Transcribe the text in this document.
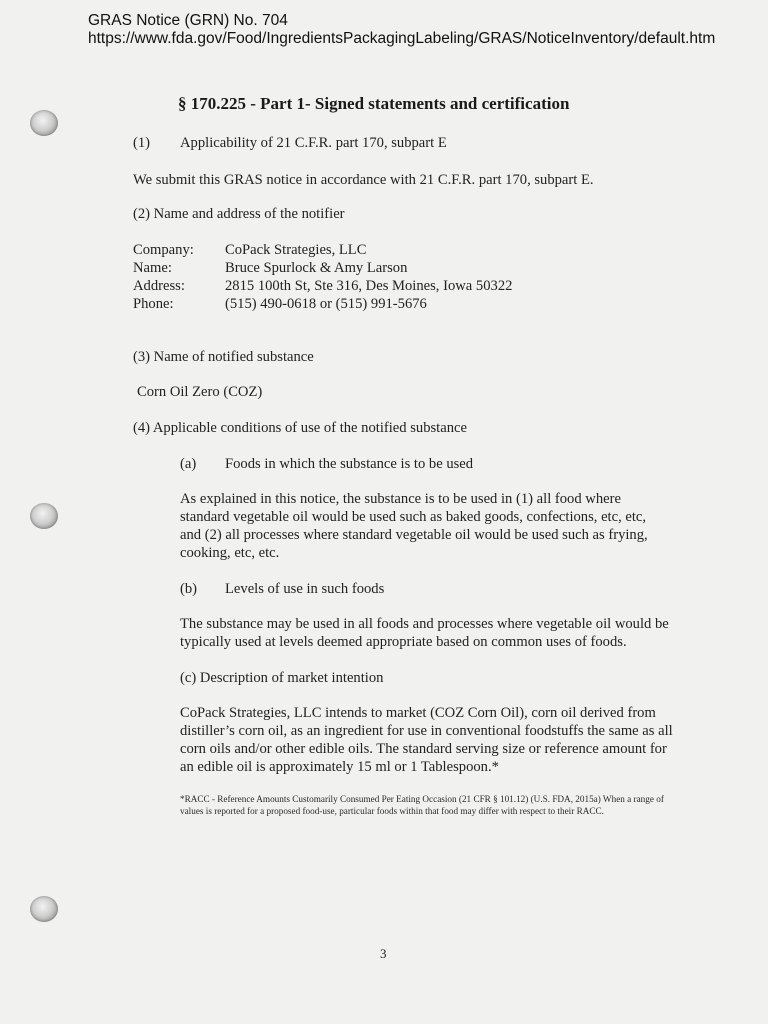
GRAS Notice (GRN) No. 704
https://www.fda.gov/Food/IngredientsPackagingLabeling/GRAS/NoticeInventory/default.htm

§ 170.225 - Part 1- Signed statements and certification

(1) Applicability of 21 C.F.R. part 170, subpart E

We submit this GRAS notice in accordance with 21 C.F.R. part 170, subpart E.

(2) Name and address of the notifier

Company: CoPack Strategies, LLC
Name:	Bruce Spurlock & Amy Larson
Address:	2815 100th St, Ste 316, Des Moines, Iowa 50322
Phone:	(515) 490-0618 or (515) 991-5676

(3) Name of notified substance

Corn Oil Zero (COZ)

(4) Applicable conditions of use of the notified substance

(a) Foods in which the substance is to be used

As explained in this notice, the substance is to be used in (1) all food where standard vegetable oil would be used such as baked goods, confections, etc, etc, and (2) all processes where standard vegetable oil would be used such as frying, cooking, etc, etc.

(b) Levels of use in such foods

The substance may be used in all foods and processes where vegetable oil would be typically used at levels deemed appropriate based on common uses of foods.

(c) Description of market intention

CoPack Strategies, LLC intends to market (COZ Corn Oil), corn oil derived from distiller’s corn oil, as an ingredient for use in conventional foodstuffs the same as all corn oils and/or other edible oils. The standard serving size or reference amount for an edible oil is approximately 15 ml or 1 Tablespoon.*

*RACC - Reference Amounts Customarily Consumed Per Eating Occasion (21 CFR § 101.12) (U.S. FDA, 2015a) When a range of values is reported for a proposed food-use, particular foods within that food may differ with respect to their RACC.

3
